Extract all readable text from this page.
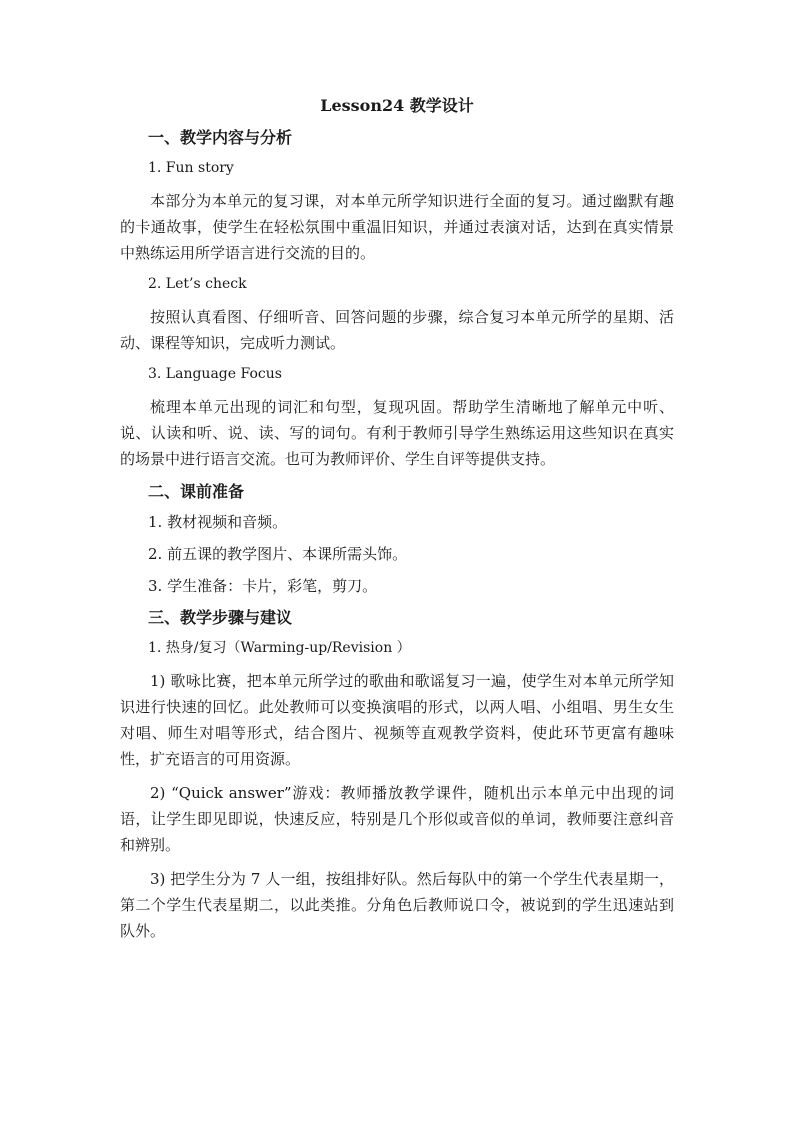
Lesson24 教学设计
一、教学内容与分析
1. Fun story
本部分为本单元的复习课，对本单元所学知识进行全面的复习。通过幽默有趣的卡通故事，使学生在轻松氛围中重温旧知识，并通过表演对话，达到在真实情景中熟练运用所学语言进行交流的目的。
2. Let’s check
按照认真看图、仔细听音、回答问题的步骤，综合复习本单元所学的星期、活动、课程等知识，完成听力测试。
3. Language Focus
梳理本单元出现的词汇和句型，复现巩固。帮助学生清晰地了解单元中听、说、认读和听、说、读、写的词句。有利于教师引导学生熟练运用这些知识在真实的场景中进行语言交流。也可为教师评价、学生自评等提供支持。
二、课前准备
1. 教材视频和音频。
2. 前五课的教学图片、本课所需头饰。
3. 学生准备：卡片，彩笔，剪刀。
三、教学步骤与建议
1. 热身/复习（Warming-up/Revision ）
1) 歌咏比赛，把本单元所学过的歌曲和歌谣复习一遍，使学生对本单元所学知识进行快速的回忆。此处教师可以变换演唱的形式，以两人唱、小组唱、男生女生对唱、师生对唱等形式，结合图片、视频等直观教学资料，使此环节更富有趣味性，扩充语言的可用资源。
2) “Quick answer”游戏：教师播放教学课件，随机出示本单元中出现的词语，让学生即见即说，快速反应，特别是几个形似或音似的单词，教师要注意纠音和辨别。
3) 把学生分为 7 人一组，按组排好队。然后每队中的第一个学生代表星期一，第二个学生代表星期二，以此类推。分角色后教师说口令，被说到的学生迅速站到队外。
